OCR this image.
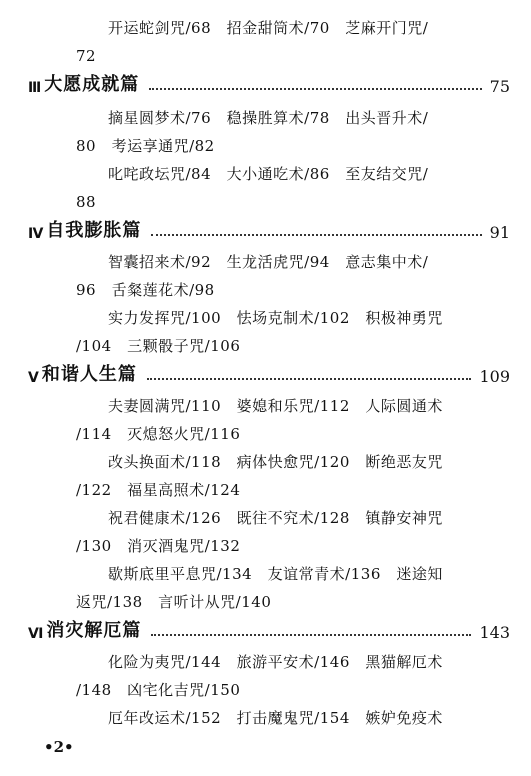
开运蛇剑咒/68　招金甜筒术/70　芝麻开门咒/
72
Ⅲ 大愿成就篇	75
摘星圆梦术/76　稳操胜算术/78　出头晋升术/
80　考运享通咒/82
叱咤政坛咒/84　大小通吃术/86　至友结交咒/
88
Ⅳ 自我膨胀篇	91
智囊招来术/92　生龙活虎咒/94　意志集中术/
96　舌粲莲花术/98
实力发挥咒/100　怯场克制术/102　积极神勇咒
/104　三颗骰子咒/106
Ⅴ 和谐人生篇	109
夫妻圆满咒/110　婆媳和乐咒/112　人际圆通术
/114　灭熄怒火咒/116
改头换面术/118　病体快愈咒/120　断绝恶友咒
/122　福星高照术/124
祝君健康术/126　既往不究术/128　镇静安神咒
/130　消灭酒鬼咒/132
歇斯底里平息咒/134　友谊常青术/136　迷途知
返咒/138　言听计从咒/140
Ⅵ 消灾解厄篇	143
化险为夷咒/144　旅游平安术/146　黑猫解厄术
/148　凶宅化吉咒/150
厄年改运术/152　打击魔鬼咒/154　嫉妒免疫术
•2•
